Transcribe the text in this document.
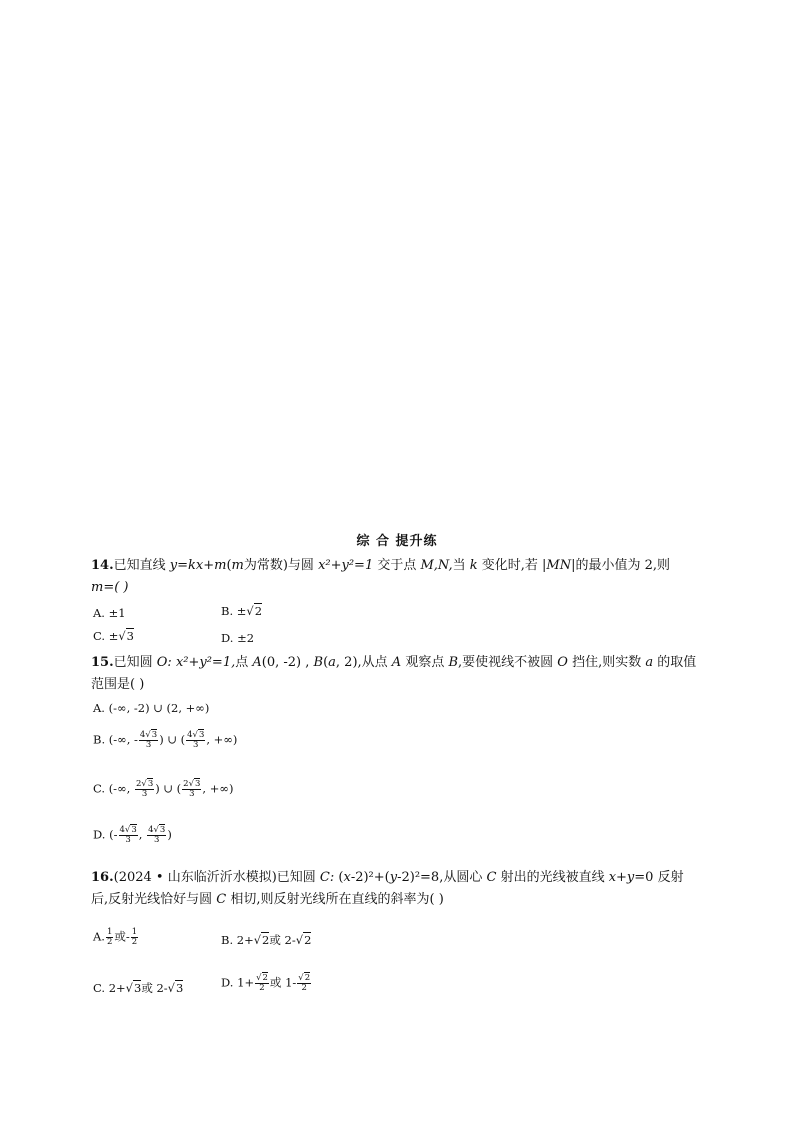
综 合 提升练
14.已知直线 y=kx+m(m为常数)与圆 x²+y²=1 交于点 M,N,当 k 变化时,若 |MN|的最小值为 2,则
m=( )
A. ±1	B. ±√2
C. ±√3	D. ±2
15.已知圆 O: x²+y²=1,点 A(0, -2) , B(a, 2),从点 A 观察点 B,要使视线不被圆 O 挡住,则实数 a 的取值
范围是( )
A. (-∞, -2) ∪ (2, +∞)
B. (-∞, - $\frac{4√3}{3}$ ) ∪ ( $\frac{4√3}{3}$ , +∞)
C. (-∞, $\frac{2√3}{3}$ ) ∪ ( $\frac{2√3}{3}$ , +∞)
D. (- $\frac{4√3}{3}$ , $\frac{4√3}{3}$ )
16.(2024 • 山东临沂沂水模拟)已知圆 C: (x-2)²+(y-2)²=8,从圆心 C 射出的光线被直线 x+y=0 反射
后,反射光线恰好与圆 C 相切,则反射光线所在直线的斜率为( )
A. $\frac{1}{2}$ 或- $\frac{1}{2}$	B. 2+√2或 2-√2
C. 2+√3或 2-√3	D. $1+ \frac{√2}{2}$ 或 $1- \frac{√2}{2}$
